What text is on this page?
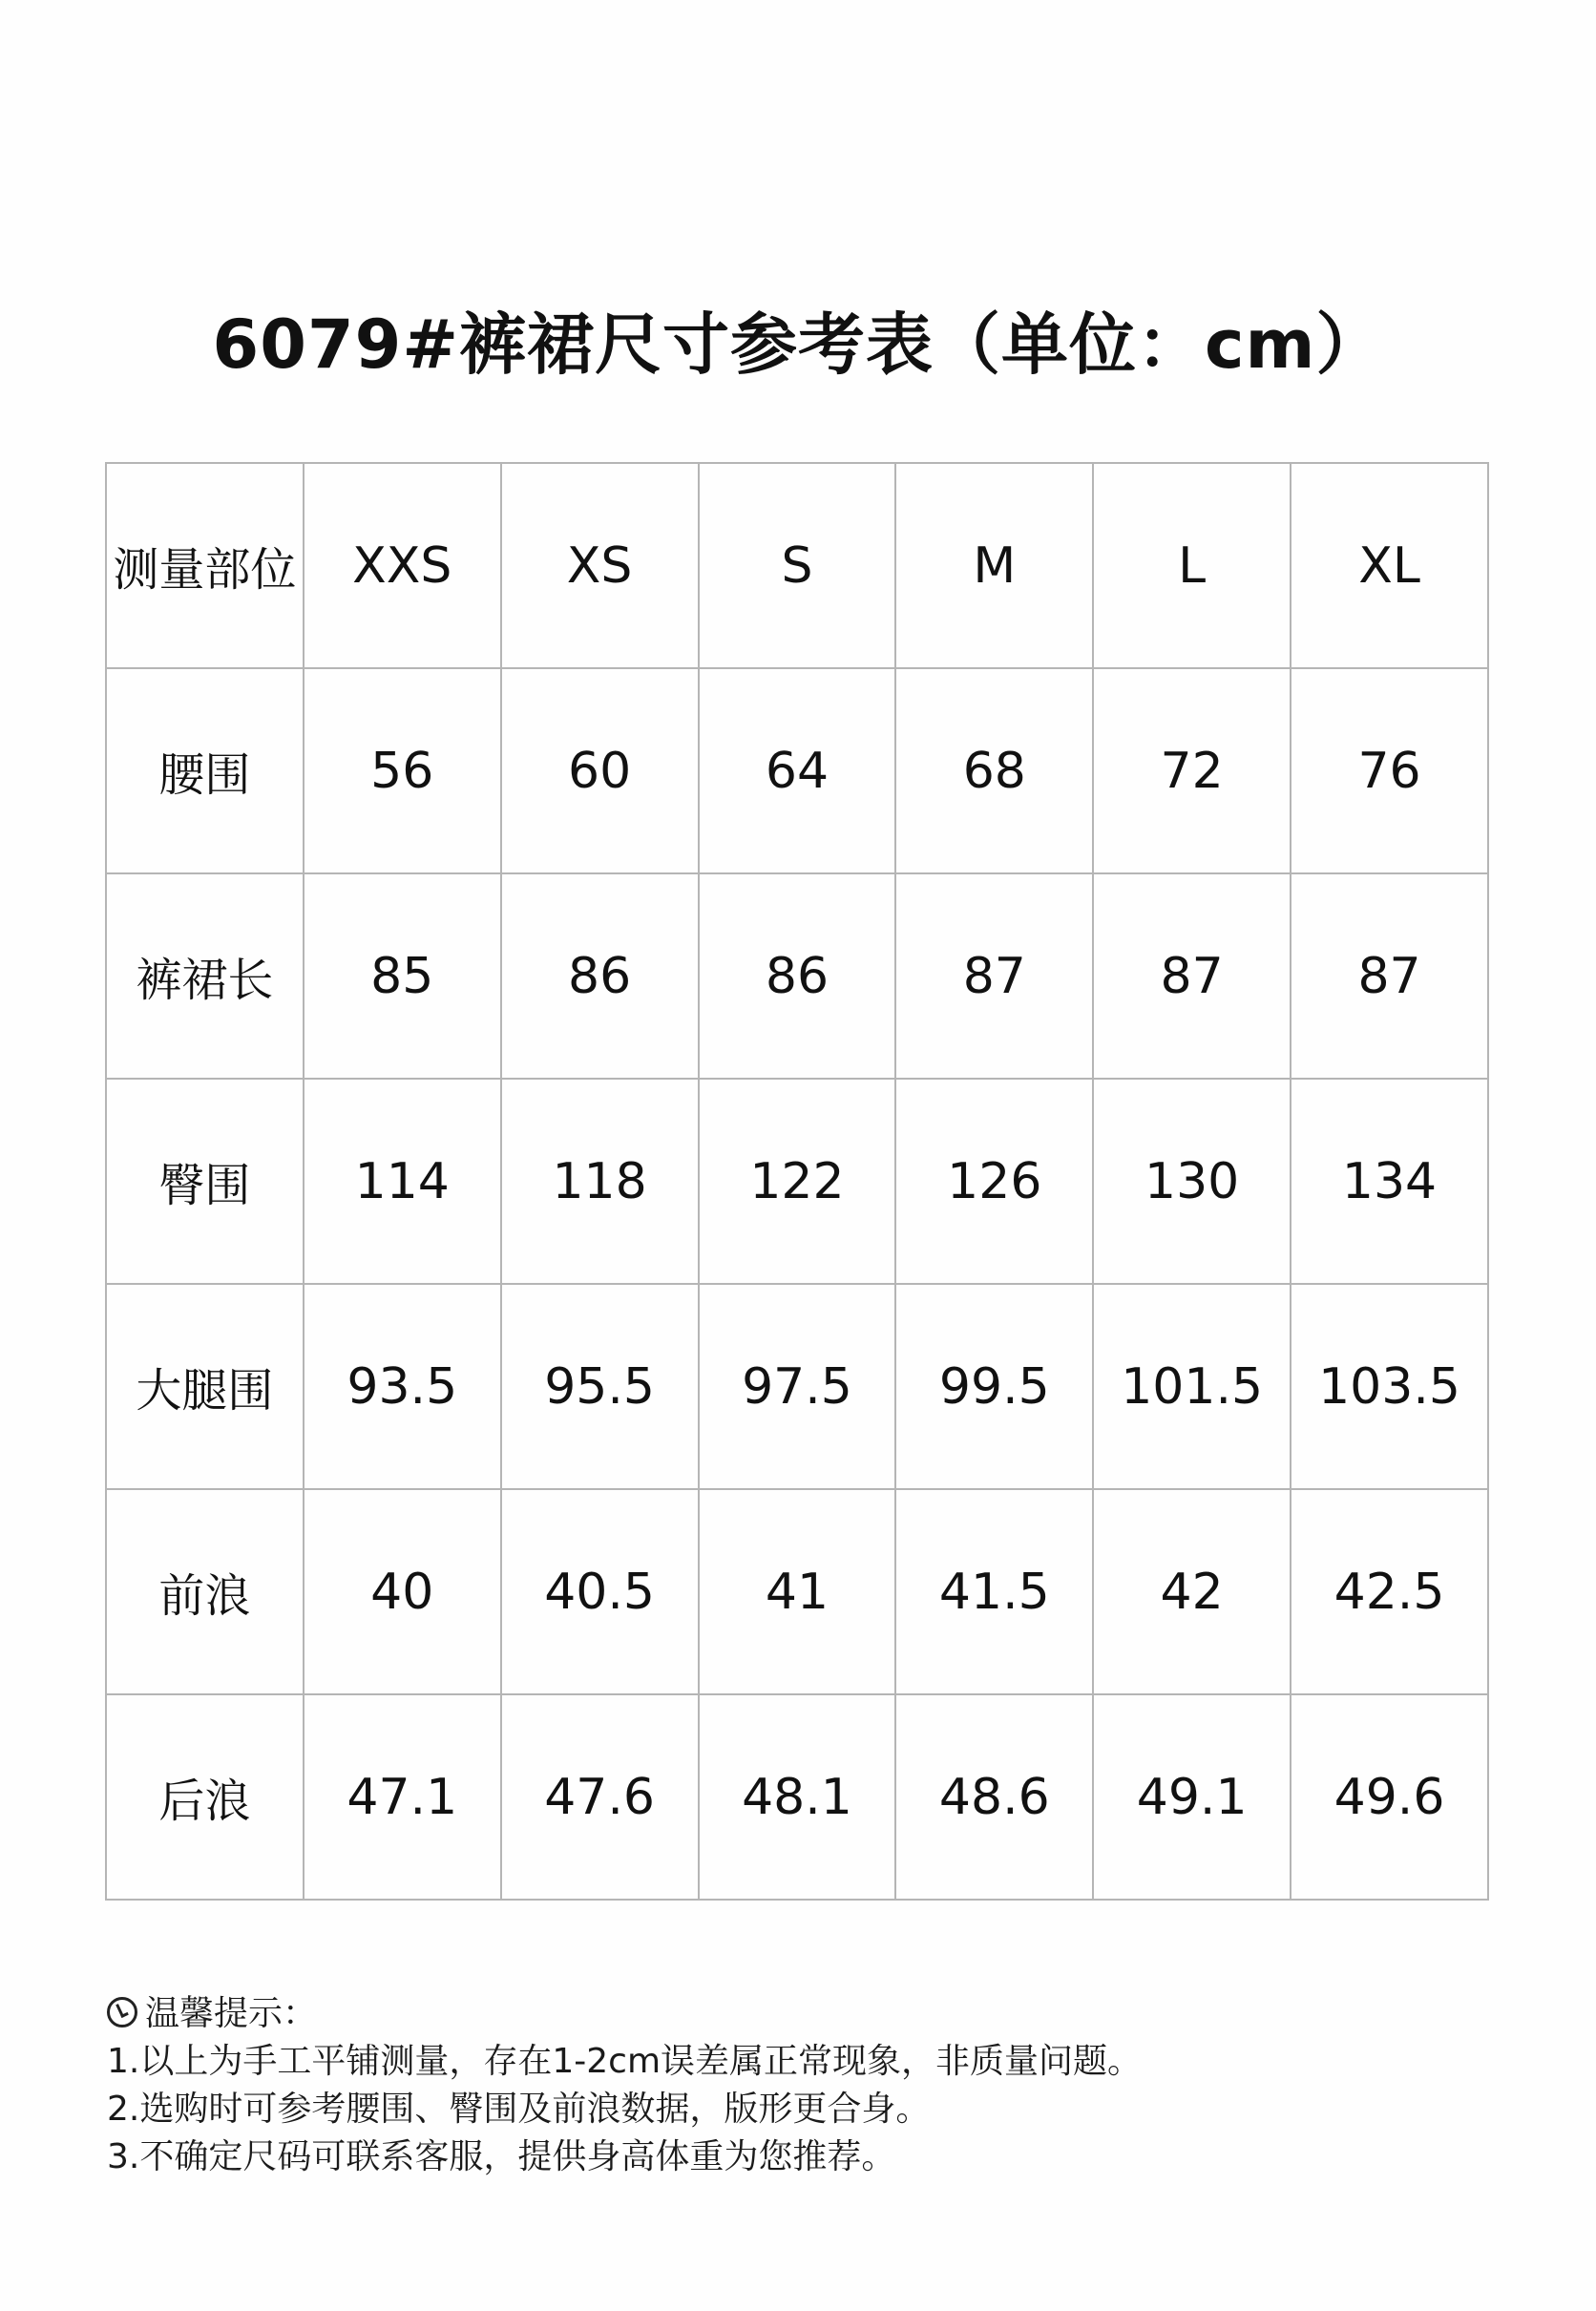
6079#裤裙尺寸参考表（单位：cm）
测量部位	XXS	XS	S	M	L	XL
腰围	56	60	64	68	72	76
裤裙长	85	86	86	87	87	87
臀围	114	118	122	126	130	134
大腿围	93.5	95.5	97.5	99.5	101.5	103.5
前浪	40	40.5	41	41.5	42	42.5
后浪	47.1	47.6	48.1	48.6	49.1	49.6
温馨提示：
1.以上为手工平铺测量，存在1-2cm误差属正常现象，非质量问题。
2.选购时可参考腰围、臀围及前浪数据，版形更合身。
3.不确定尺码可联系客服，提供身高体重为您推荐。
